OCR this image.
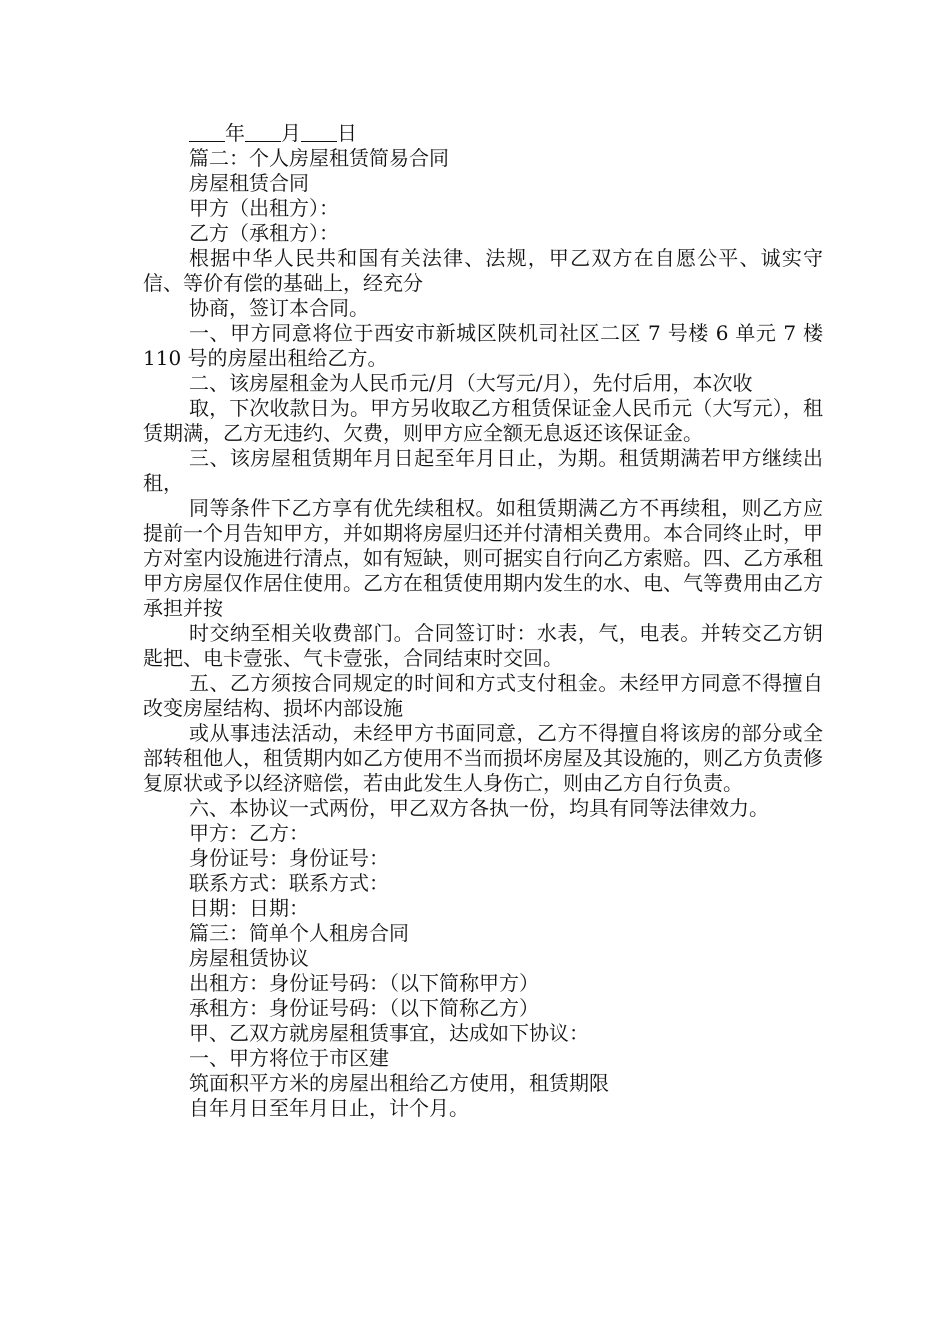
年 月 日

篇二：个人房屋租赁简易合同

房屋租赁合同

甲方（出租方）：

乙方（承租方）：

根据中华人民共和国有关法律、法规，甲乙双方在自愿公平、诚实守信、等价有偿的基础上，经充分

协商，签订本合同。

一、甲方同意将位于西安市新城区陕机司社区二区 7 号楼 6 单元 7 楼 110 号的房屋出租给乙方。

二、该房屋租金为人民币元/月（大写元/月），先付后用，本次收

取，下次收款日为。甲方另收取乙方租赁保证金人民币元（大写元），租赁期满，乙方无违约、欠费，则甲方应全额无息返还该保证金。

三、该房屋租赁期年月日起至年月日止，为期。租赁期满若甲方继续出租，

同等条件下乙方享有优先续租权。如租赁期满乙方不再续租，则乙方应提前一个月告知甲方，并如期将房屋归还并付清相关费用。本合同终止时，甲方对室内设施进行清点，如有短缺，则可据实自行向乙方索赔。四、乙方承租甲方房屋仅作居住使用。乙方在租赁使用期内发生的水、电、气等费用由乙方承担并按

时交纳至相关收费部门。合同签订时：水表，气，电表。并转交乙方钥匙把、电卡壹张、气卡壹张，合同结束时交回。

五、乙方须按合同规定的时间和方式支付租金。未经甲方同意不得擅自改变房屋结构、损坏内部设施

或从事违法活动，未经甲方书面同意，乙方不得擅自将该房的部分或全部转租他人，租赁期内如乙方使用不当而损坏房屋及其设施的，则乙方负责修复原状或予以经济赔偿，若由此发生人身伤亡，则由乙方自行负责。

六、本协议一式两份，甲乙双方各执一份，均具有同等法律效力。

甲方：乙方：

身份证号：身份证号：

联系方式：联系方式：

日期：日期：

篇三：简单个人租房合同

房屋租赁协议

出租方：身份证号码：（以下简称甲方）

承租方：身份证号码：（以下简称乙方）

甲、乙双方就房屋租赁事宜，达成如下协议：

一、甲方将位于市区建

筑面积平方米的房屋出租给乙方使用，租赁期限

自年月日至年月日止，计个月。
